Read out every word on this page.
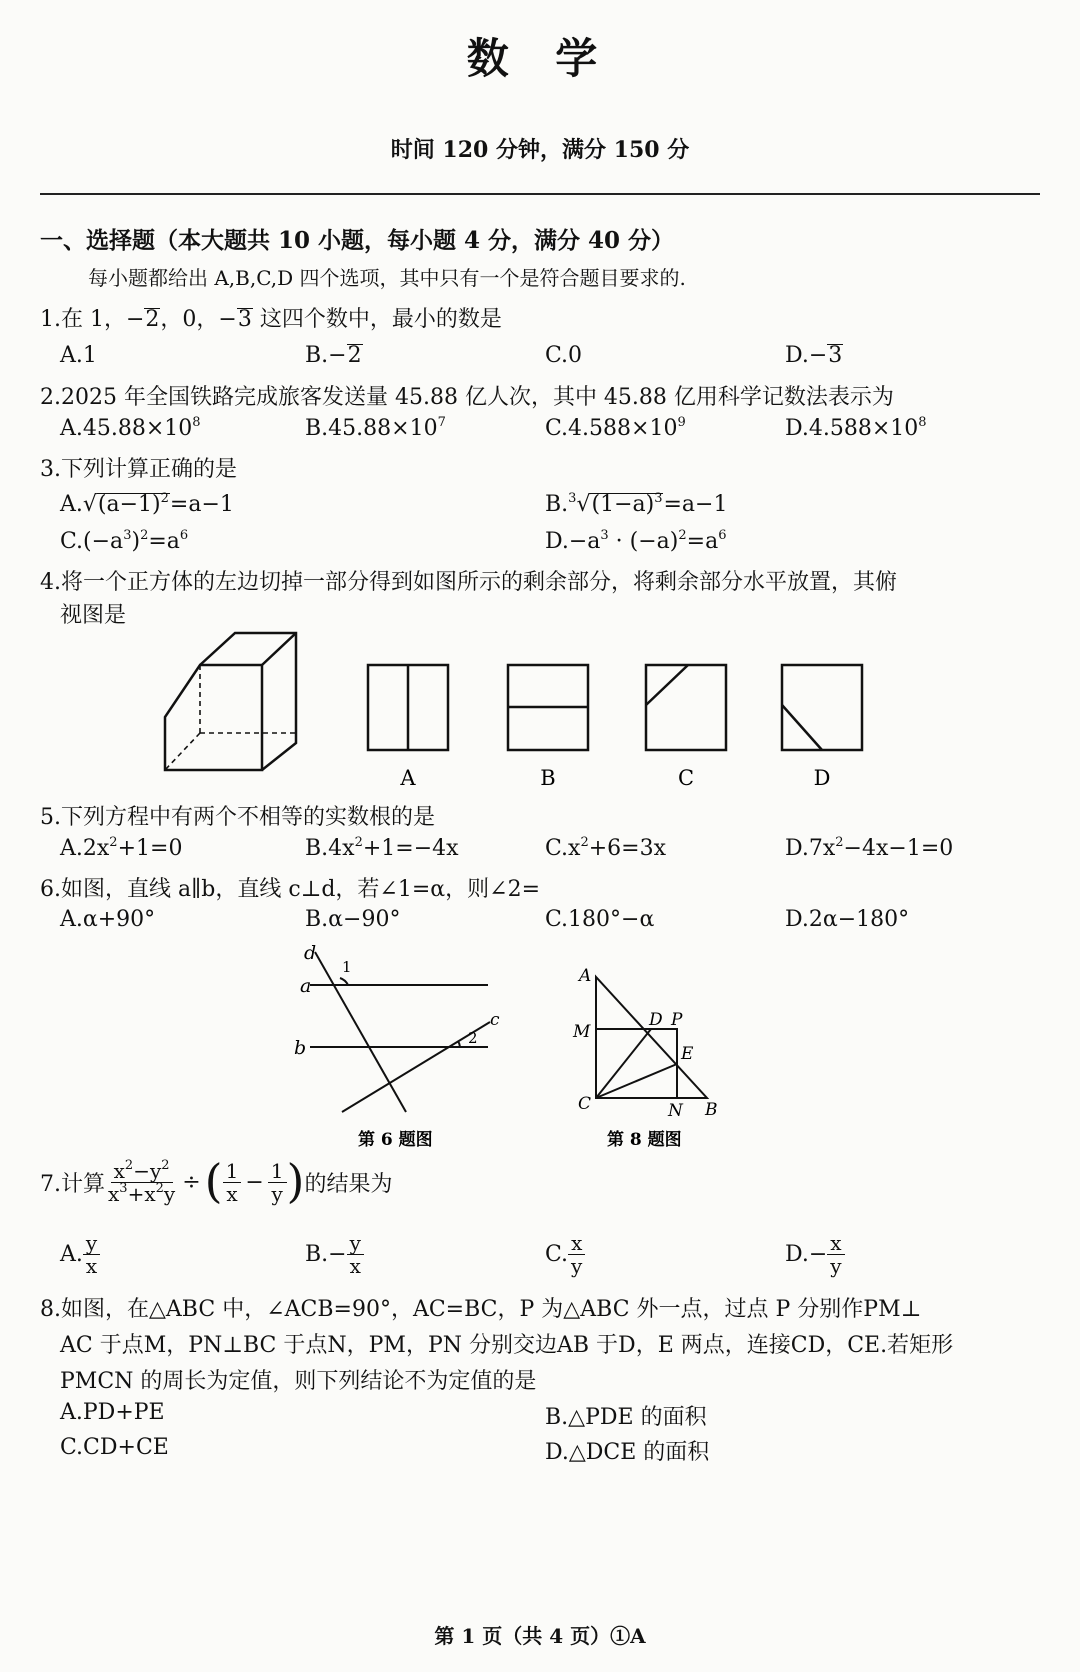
数 学
时间 120 分钟，满分 150 分
一、选择题（本大题共 10 小题，每小题 4 分，满分 40 分）
每小题都给出 A,B,C,D 四个选项，其中只有一个是符合题目要求的.
1.在 1，−2，0，−3 这四个数中，最小的数是
A.1	B.−2	C.0	D.−3
2.2025 年全国铁路完成旅客发送量 45.88 亿人次，其中 45.88 亿用科学记数法表示为
$A.45.88\times 10^8$	$B.45.88\times 10^7$	$C.4.588\times 10^9$	$D.4.588\times 10^8$
3.下列计算正确的是
$A.√(a-1)^2=a-1$	$B.^3√(1-a)^3=a-1$
$C.(-a^3)^2=a^6$	$D.-a^3 \cdot (-a)^2=a^6$
4.将一个正方体的左边切掉一部分得到如图所示的剩余部分，将剩余部分水平放置，其俯
视图是
A	B	C	D
5.下列方程中有两个不相等的实数根的是
$A.2x^2+1=0$	$B.4x^2+1=-4x$	$C.x^2+6=3x$	$D.7x^2-4x-1=0$
6.如图，直线 a∥b，直线 c⊥d，若∠1=α，则∠2=
A.α+90°	B.α−90°	C.180°−α	D.2α−180°
a
b
c
d
1
2
第 6 题图
A
M
D P
E
C	N B
第 8 题图
7.计算 $\frac{x^2-y^2}{x^3+x^2y}$ ÷ ( $\frac{1}{x} - \frac{1}{y}$ ) 的结果为
A. $\frac{y}{x}$	$B.- \frac{y}{x}$	C. $\frac{x}{y}$	$D.- \frac{x}{y}$
8.如图，在△ABC 中，∠ACB=90°，AC=BC，P 为△ABC 外一点，过点 P 分别作PM⊥
AC 于点M，PN⊥BC 于点N，PM，PN 分别交边AB 于D，E 两点，连接CD，CE.若矩形
PMCN 的周长为定值，则下列结论不为定值的是
A.PD+PE	B.△PDE 的面积
C.CD+CE	D.△DCE 的面积
第 1 页（共 4 页）①A
